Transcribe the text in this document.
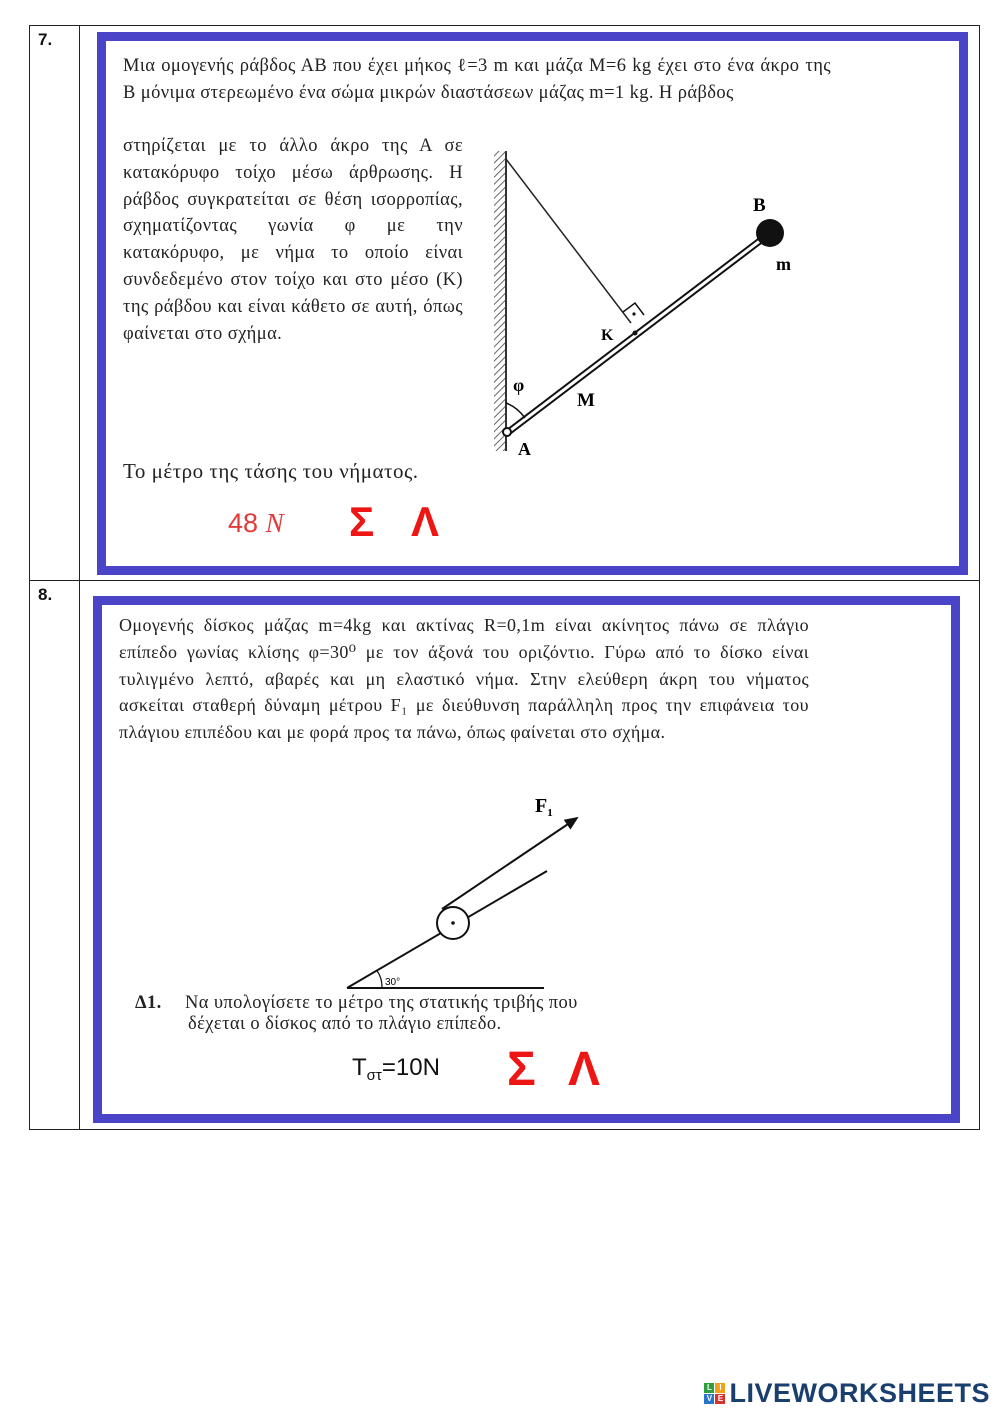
7.
Μια ομογενής ράβδος ΑΒ που έχει μήκος ℓ=3 m και μάζα M=6 kg έχει στο ένα άκρο της Β μόνιμα στερεωμένο ένα σώμα μικρών διαστάσεων μάζας m=1 kg. Η ράβδος
στηρίζεται με το άλλο άκρο της Α σε κατακόρυφο τοίχο μέσω άρθρωσης. Η ράβδος συγκρατείται σε θέση ισορροπίας, σχηματίζοντας γωνία φ με την κατακόρυφο, με νήμα το οποίο είναι συνδεδεμένο στον τοίχο και στο μέσο (Κ) της ράβδου και είναι κάθετο σε αυτή, όπως φαίνεται στο σχήμα.
B
m
K
φ
M
A
Το μέτρο της τάσης του νήματος.
48 N Σ Λ
8.
Ομογενής δίσκος μάζας m=4kg και ακτίνας R=0,1m είναι ακίνητος πάνω σε πλάγιο επίπεδο γωνίας κλίσης φ=30⁰ με τον άξονά του οριζόντιο. Γύρω από το δίσκο είναι τυλιγμένο λεπτό, αβαρές και μη ελαστικό νήμα. Στην ελεύθερη άκρη του νήματος ασκείται σταθερή δύναμη μέτρου F₁ με διεύθυνση παράλληλη προς την επιφάνεια του πλάγιου επιπέδου και με φορά προς τα πάνω, όπως φαίνεται στο σχήμα.
30°
$F_1$
Δ1. Να υπολογίσετε το μέτρο της στατικής τριβής που
δέχεται ο δίσκος από το πλάγιο επίπεδο.
$T_{\sigma\tau}=10N$ Σ Λ
L I
V E LIVEWORKSHEETS
